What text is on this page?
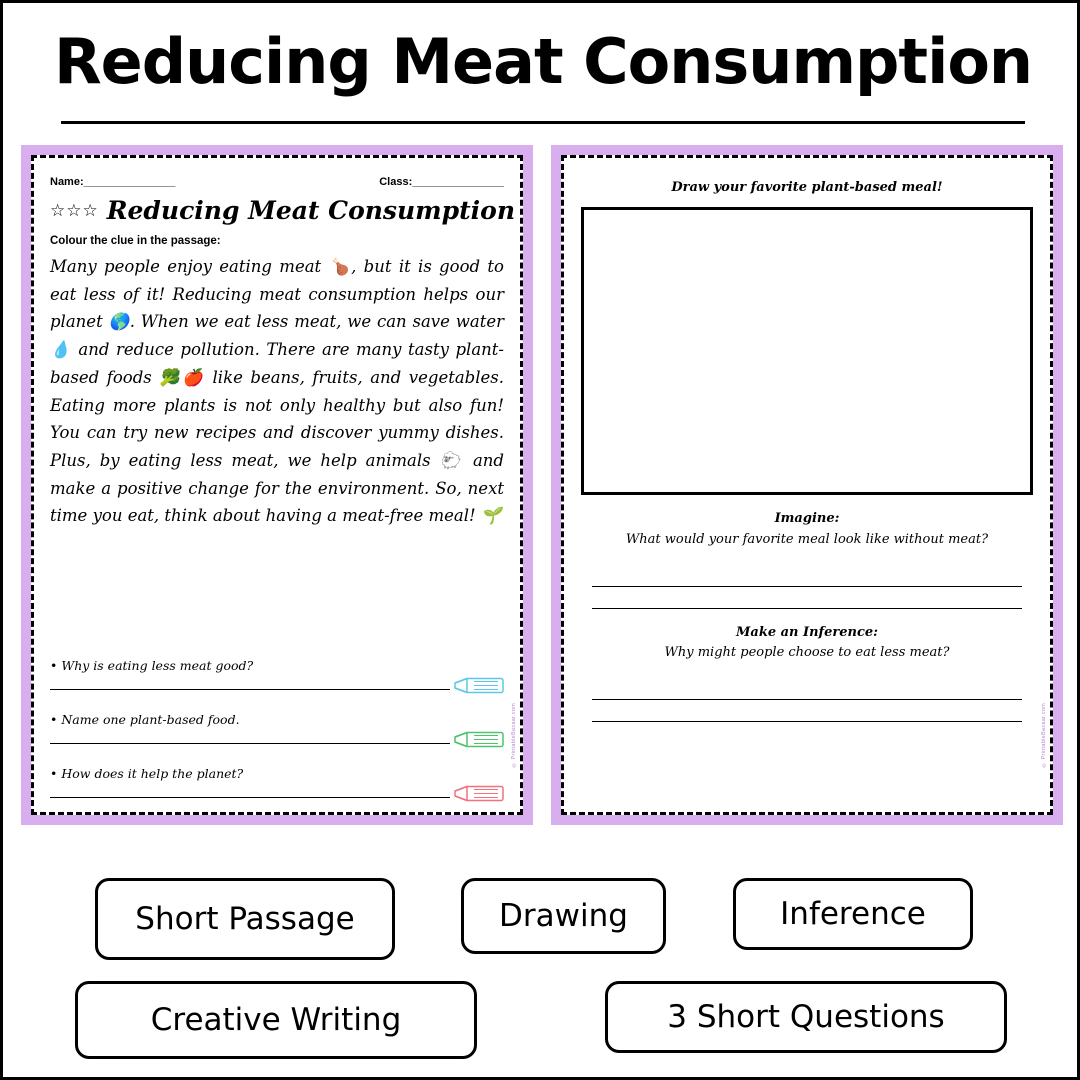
Reducing Meat Consumption
Name:_______________	Class:_______________
☆☆☆ Reducing Meat Consumption
Colour the clue in the passage:
Many people enjoy eating meat 🍗, but it is good to eat less of it! Reducing meat consumption helps our planet 🌎. When we eat less meat, we can save water 💧 and reduce pollution. There are many tasty plant-based foods 🥦🍎 like beans, fruits, and vegetables. Eating more plants is not only healthy but also fun! You can try new recipes and discover yummy dishes. Plus, by eating less meat, we help animals 🐑 and make a positive change for the environment. So, next time you eat, think about having a meat-free meal! 🌱
• Why is eating less meat good?
• Name one plant-based food.
• How does it help the planet?
© PrintableBazaar.com
Draw your favorite plant-based meal!
Imagine:
What would your favorite meal look like without meat?
Make an Inference:
Why might people choose to eat less meat?
© PrintableBazaar.com
Short Passage	Drawing	Inference
Creative Writing	3 Short Questions
